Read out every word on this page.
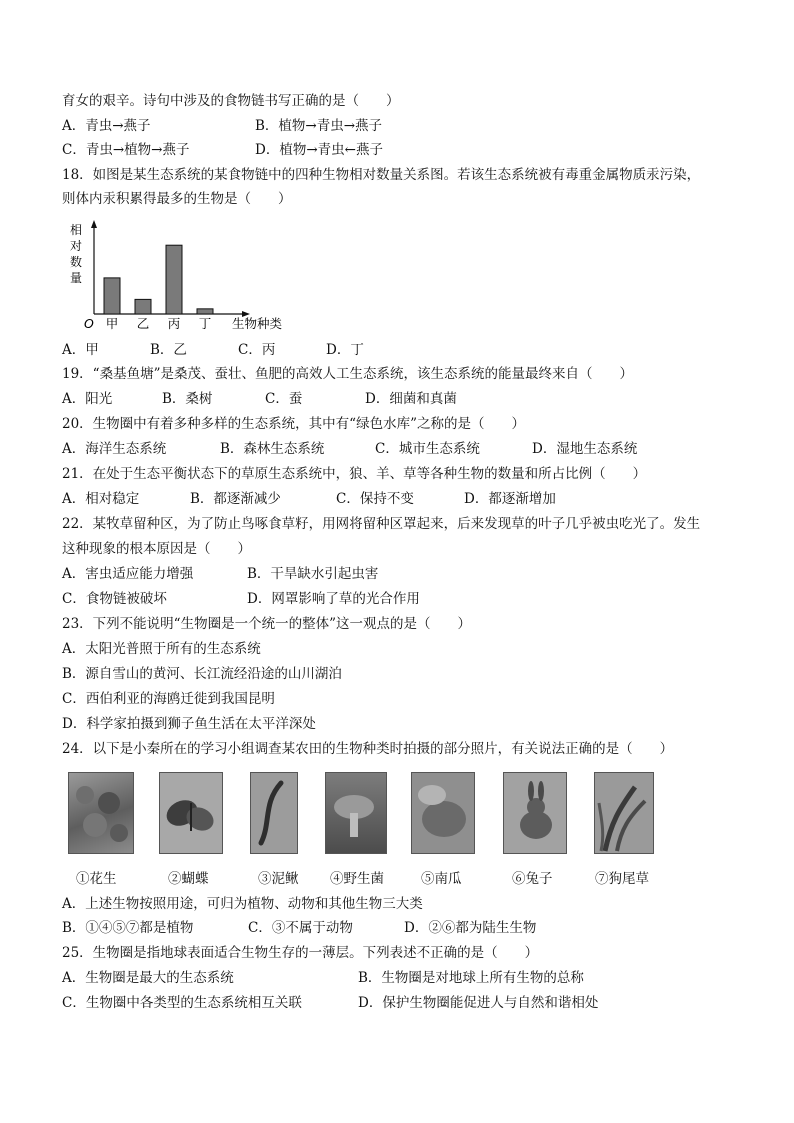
育女的艰辛。诗句中涉及的食物链书写正确的是（　　）
A．青虫→燕子	B．植物→青虫→燕子
C．青虫→植物→燕子	D．植物→青虫←燕子
18．如图是某生态系统的某食物链中的四种生物相对数量关系图。若该生态系统被有毒重金属物质汞污染，
则体内汞积累得最多的生物是（　　）
相
对
数
量
O	生物种类
甲 乙 丙 丁
A．甲	B．乙	C．丙	D．丁
19．“桑基鱼塘”是桑茂、蚕壮、鱼肥的高效人工生态系统，该生态系统的能量最终来自（　　）
A．阳光	B．桑树	C．蚕	D．细菌和真菌
20．生物圈中有着多种多样的生态系统，其中有“绿色水库”之称的是（　　）
A．海洋生态系统	B．森林生态系统	C．城市生态系统	D．湿地生态系统
21．在处于生态平衡状态下的草原生态系统中，狼、羊、草等各种生物的数量和所占比例（　　）
A．相对稳定	B．都逐渐减少	C．保持不变	D．都逐渐增加
22．某牧草留种区，为了防止鸟啄食草籽，用网将留种区罩起来，后来发现草的叶子几乎被虫吃光了。发生
这种现象的根本原因是（　　）
A．害虫适应能力增强	B．干旱缺水引起虫害
C．食物链被破坏	D．网罩影响了草的光合作用
23．下列不能说明“生物圈是一个统一的整体”这一观点的是（　　）
A．太阳光普照于所有的生态系统
B．源自雪山的黄河、长江流经沿途的山川湖泊
C．西伯利亚的海鸥迁徙到我国昆明
D．科学家拍摄到狮子鱼生活在太平洋深处
24．以下是小秦所在的学习小组调查某农田的生物种类时拍摄的部分照片，有关说法正确的是（　　）
①花生	②蝴蝶	③泥鳅 ④野生菌	⑤南瓜	⑥兔子	⑦狗尾草
A．上述生物按照用途，可归为植物、动物和其他生物三大类
B．①④⑤⑦都是植物	C．③不属于动物	D．②⑥都为陆生生物
25．生物圈是指地球表面适合生物生存的一薄层。下列表述不正确的是（　　）
A．生物圈是最大的生态系统	B．生物圈是对地球上所有生物的总称
C．生物圈中各类型的生态系统相互关联	D．保护生物圈能促进人与自然和谐相处
